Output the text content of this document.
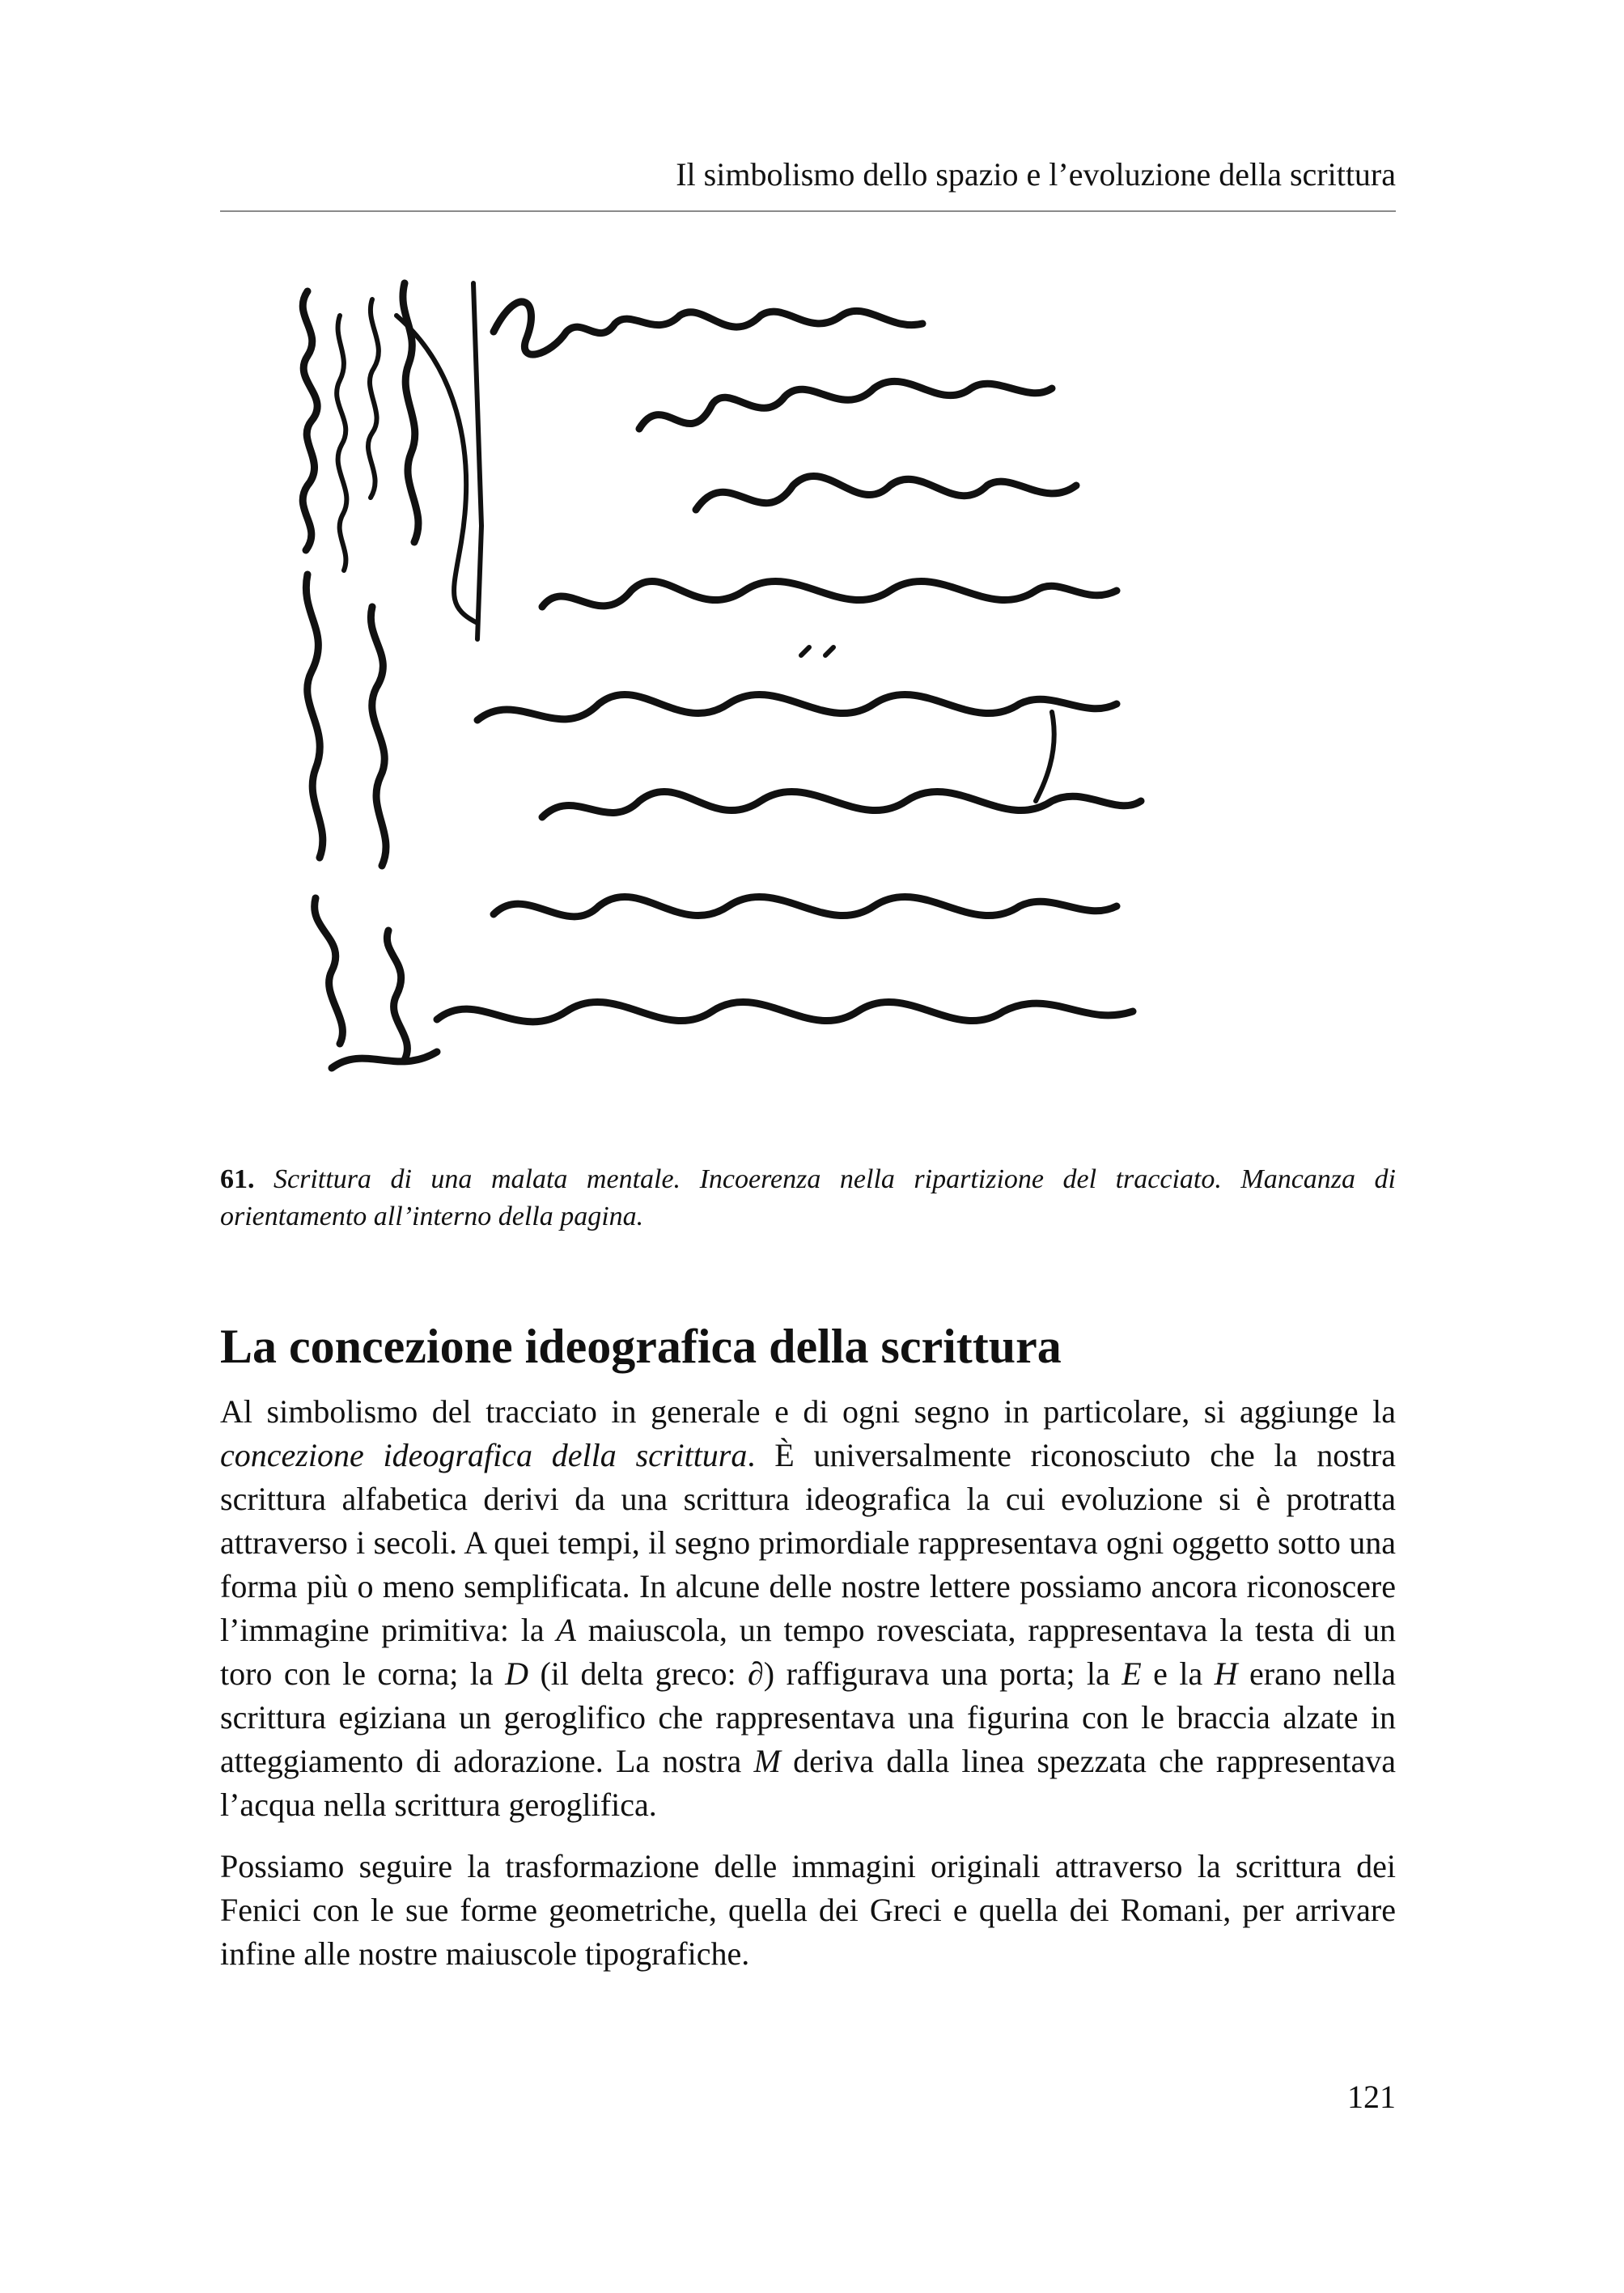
Il simbolismo dello spazio e l’evoluzione della scrittura
61. Scrittura di una malata mentale. Incoerenza nella ripartizione del tracciato. Mancanza di orientamento all’interno della pagina.
La concezione ideografica della scrittura

Al simbolismo del tracciato in generale e di ogni segno in particolare, si aggiunge la concezione ideografica della scrittura. È universalmente riconosciuto che la nostra scrittura alfabetica derivi da una scrittura ideografica la cui evoluzione si è protratta attraverso i secoli. A quei tempi, il segno primordiale rappresentava ogni oggetto sotto una forma più o meno semplificata. In alcune delle nostre lettere possiamo ancora riconoscere l’immagine primitiva: la A maiuscola, un tempo rovesciata, rappresentava la testa di un toro con le corna; la D (il delta greco: ∂) raffigurava una porta; la E e la H erano nella scrittura egiziana un geroglifico che rappresentava una figurina con le braccia alzate in atteggiamento di adorazione. La nostra M deriva dalla linea spezzata che rappresentava l’acqua nella scrittura geroglifica.

Possiamo seguire la trasformazione delle immagini originali attraverso la scrittura dei Fenici con le sue forme geometriche, quella dei Greci e quella dei Romani, per arrivare infine alle nostre maiuscole tipografiche.

121
